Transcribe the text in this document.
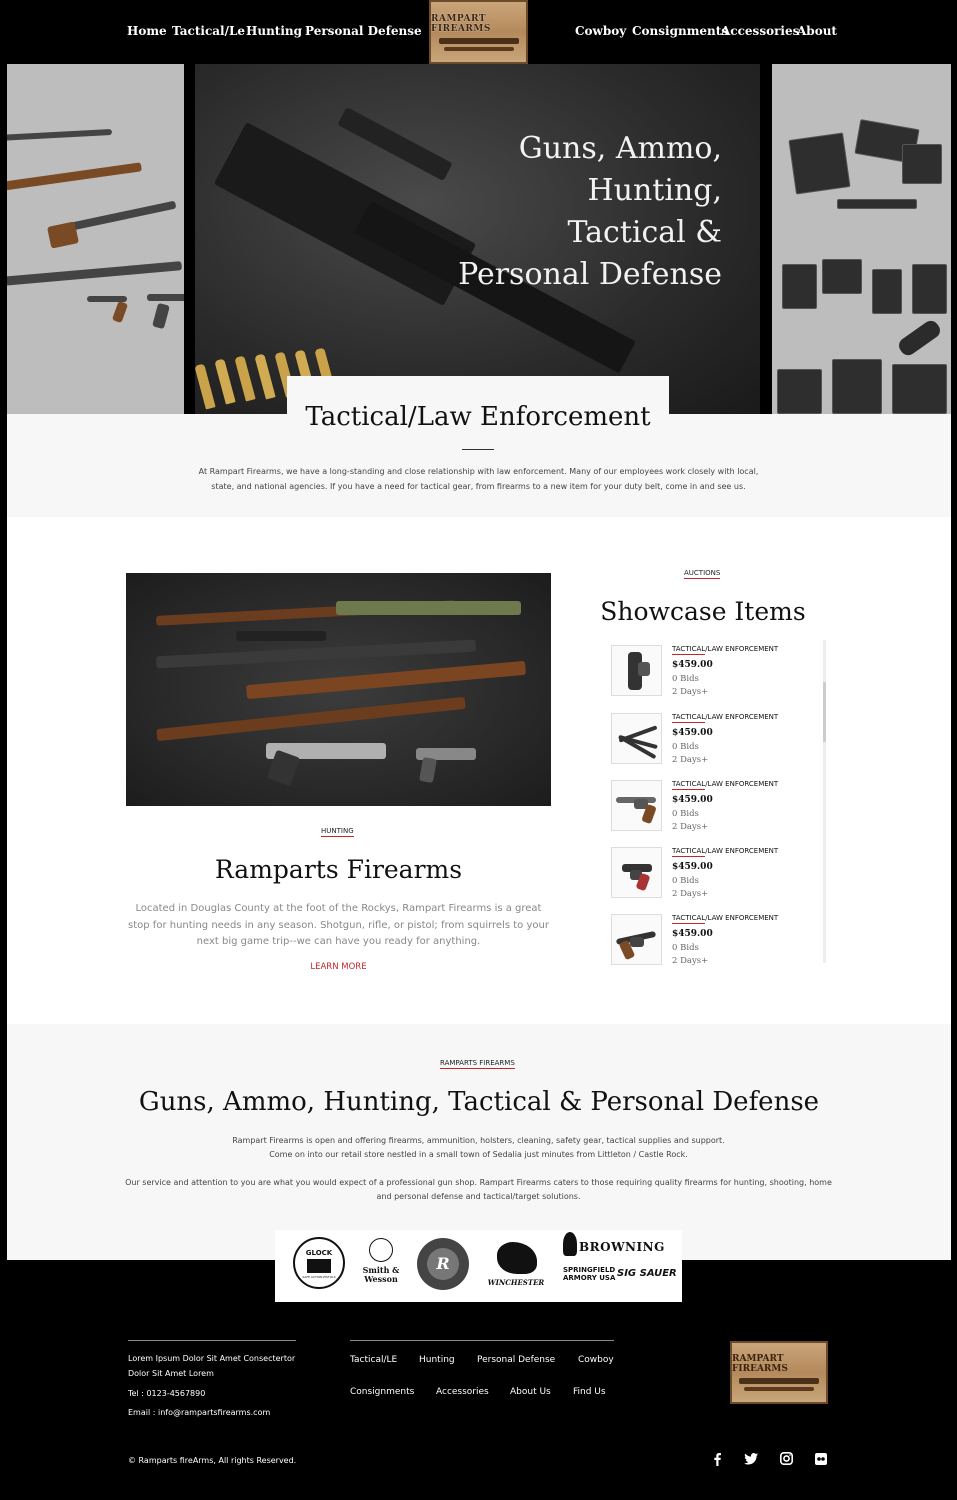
Home Tactical/Le Hunting Personal Defense
RAMPART FIREARMS	Cowboy Consignments
Accessories
About
Guns, Ammo,
Hunting,
Tactical &
Personal Defense
Tactical/Law Enforcement
At Rampart Firearms, we have a long-standing and close relationship with law enforcement. Many of our employees work closely with local, state, and national agencies. If you have a need for tactical gear, from firearms to a new item for your duty belt, come in and see us.
HUNTING
Ramparts Firearms
Located in Douglas County at the foot of the Rockys, Rampart Firearms is a great stop for hunting needs in any season. Shotgun, rifle, or pistol; from squirrels to your next big game trip--we can have you ready for anything.
LEARN MORE
AUCTIONS
Showcase Items
TACTICAL/LAW ENFORCEMENT
$459.00
0 Bids
2 Days+
TACTICAL/LAW ENFORCEMENT
$459.00
0 Bids
2 Days+
TACTICAL/LAW ENFORCEMENT
$459.00
0 Bids
2 Days+
TACTICAL/LAW ENFORCEMENT
$459.00
0 Bids
2 Days+
TACTICAL/LAW ENFORCEMENT
$459.00
0 Bids
2 Days+
RAMPARTS FIREARMS
Guns, Ammo, Hunting, Tactical & Personal Defense
Rampart Firearms is open and offering firearms, ammunition, holsters, cleaning, safety gear, tactical supplies and support.
Come on into our retail store nestled in a small town of Sedalia just minutes from Littleton / Castle Rock.
Our service and attention to you are what you would expect of a professional gun shop. Rampart Firearms caters to those requiring quality firearms for hunting, shooting, home and personal defense and tactical/target solutions.
GLOCK
SAFE ACTION PISTOLS
Smith &
Wesson
R
WINCHESTER
BROWNING
SPRINGFIELD
ARMORY USA SIG SAUER
Lorem Ipsum Dolor Sit Amet Consectertor
Dolor Sit Amet Lorem
Tel : 0123-4567890
Email : info@rampartsfirearms.com
Tactical/LE Hunting Personal Defense	Cowboy
Consignments Accessories About Us Find Us
RAMPART FIREARMS
© Ramparts fireArms, All rights Reserved.
